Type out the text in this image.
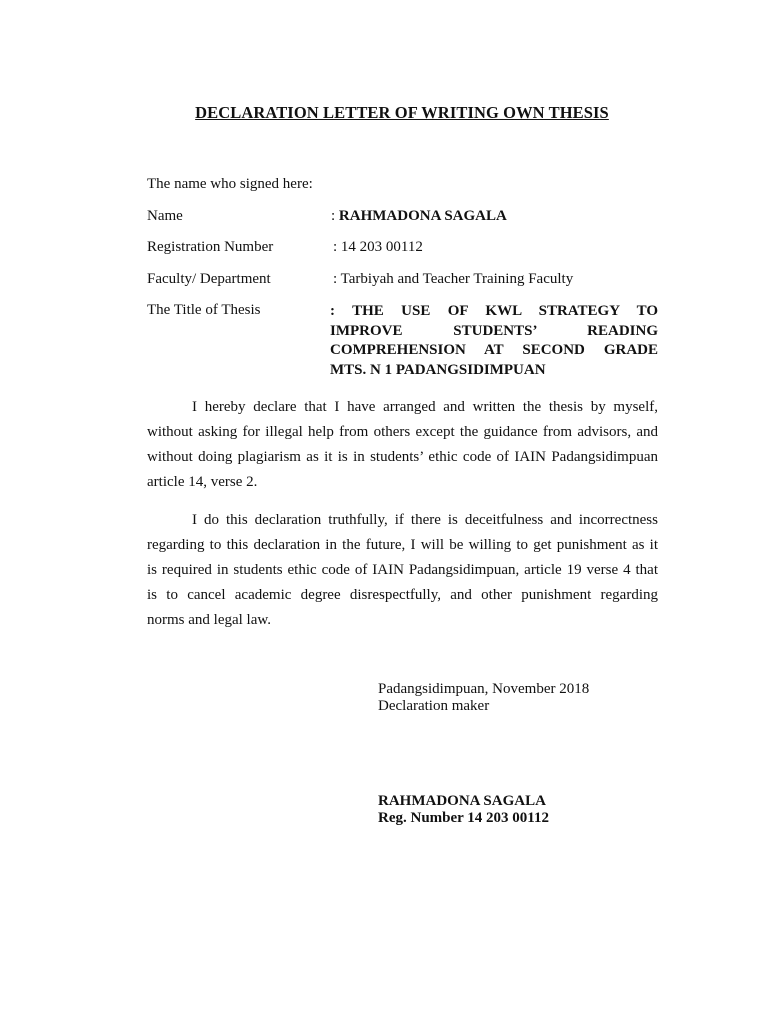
DECLARATION LETTER OF WRITING OWN THESIS
The name who signed here:
Name	: RAHMADONA SAGALA
Registration Number	: 14 203 00112
Faculty/ Department	: Tarbiyah and Teacher Training Faculty
The Title of Thesis	: THE USE OF KWL STRATEGY TO
IMPROVE STUDENTS’ READING
COMPREHENSION AT SECOND GRADE
MTS. N 1 PADANGSIDIMPUAN
I hereby declare that I have arranged and written the thesis by myself,
without asking for illegal help from others except the guidance from advisors, and
without doing plagiarism as it is in students’ ethic code of IAIN Padangsidimpuan
article 14, verse 2.
I do this declaration truthfully, if there is deceitfulness and incorrectness
regarding to this declaration in the future, I will be willing to get punishment as it
is required in students ethic code of IAIN Padangsidimpuan, article 19 verse 4 that
is to cancel academic degree disrespectfully, and other punishment regarding
norms and legal law.
Padangsidimpuan, November 2018
Declaration maker
RAHMADONA SAGALA
Reg. Number 14 203 00112
